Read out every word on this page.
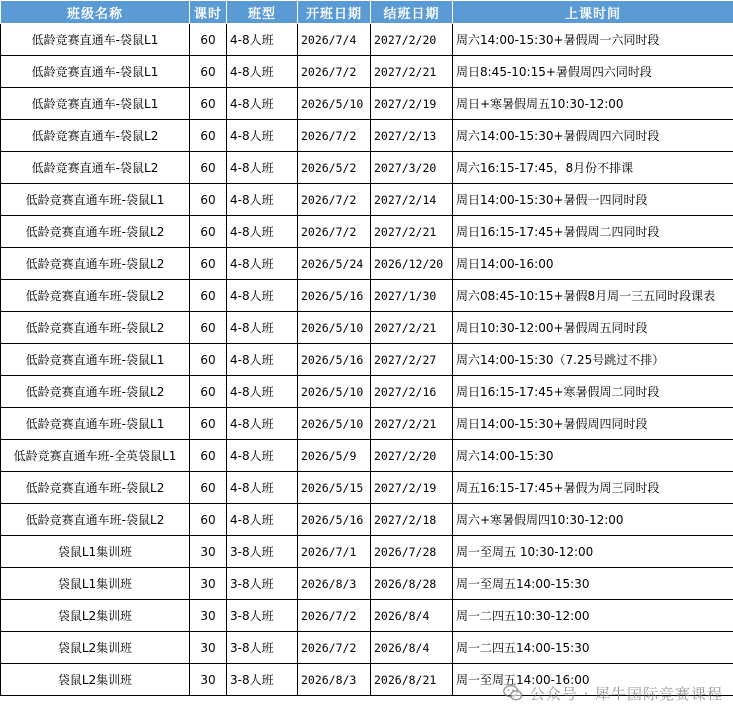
班级名称	课时	班型	开班日期	结班日期	上课时间
低龄竞赛直通车-袋鼠L1	60	4-8人班	2026/7/4	2027/2/20	周六14:00-15:30+暑假周一六同时段
低龄竞赛直通车-袋鼠L1	60	4-8人班	2026/7/2	2027/2/21	周日8:45-10:15+暑假周四六同时段
低龄竞赛直通车-袋鼠L1	60	4-8人班	2026/5/10	2027/2/19	周日+寒暑假周五10:30-12:00
低龄竞赛直通车-袋鼠L2	60	4-8人班	2026/7/2	2027/2/13	周六14:00-15:30+暑假周四六同时段
低龄竞赛直通车-袋鼠L2	60	4-8人班	2026/5/2	2027/3/20	周六16:15-17:45，8月份不排课
低龄竞赛直通车班-袋鼠L1	60	4-8人班	2026/7/2	2027/2/14	周日14:00-15:30+暑假一四同时段
低龄竞赛直通车班-袋鼠L2	60	4-8人班	2026/7/2	2027/2/21	周日16:15-17:45+暑假周二四同时段
低龄竞赛直通车班-袋鼠L2	60	4-8人班	2026/5/24	2026/12/20	周日14:00-16:00
低龄竞赛直通车班-袋鼠L2	60	4-8人班	2026/5/16	2027/1/30	周六08:45-10:15+暑假8月周一三五同时段课表
低龄竞赛直通车班-袋鼠L2	60	4-8人班	2026/5/10	2027/2/21	周日10:30-12:00+暑假周五同时段
低龄竞赛直通车班-袋鼠L1	60	4-8人班	2026/5/16	2027/2/27	周六14:00-15:30（7.25号跳过不排）
低龄竞赛直通车班-袋鼠L2	60	4-8人班	2026/5/10	2027/2/16	周日16:15-17:45+寒暑假周二同时段
低龄竞赛直通车班-袋鼠L1	60	4-8人班	2026/5/10	2027/2/21	周日14:00-15:30+暑假周四同时段
低龄竞赛直通车班-全英袋鼠L1	60	4-8人班	2026/5/9	2027/2/20	周六14:00-15:30
低龄竞赛直通车班-袋鼠L2	60	4-8人班	2026/5/15	2027/2/19	周五16:15-17:45+暑假为周三同时段
低龄竞赛直通车班-袋鼠L2	60	4-8人班	2026/5/16	2027/2/18	周六+寒暑假周四10:30-12:00
袋鼠L1集训班	30	3-8人班	2026/7/1	2026/7/28	周一至周五 10:30-12:00
袋鼠L1集训班	30	3-8人班	2026/8/3	2026/8/28	周一至周五14:00-15:30
袋鼠L2集训班	30	3-8人班	2026/7/2	2026/8/4	周一二四五10:30-12:00
袋鼠L2集训班	30	3-8人班	2026/7/2	2026/8/4	周一二四五14:00-15:30
袋鼠L2集训班	30	3-8人班	2026/8/3	2026/8/21	周一至周五14:00-16:00
公众号 · 犀牛国际竞赛课程
